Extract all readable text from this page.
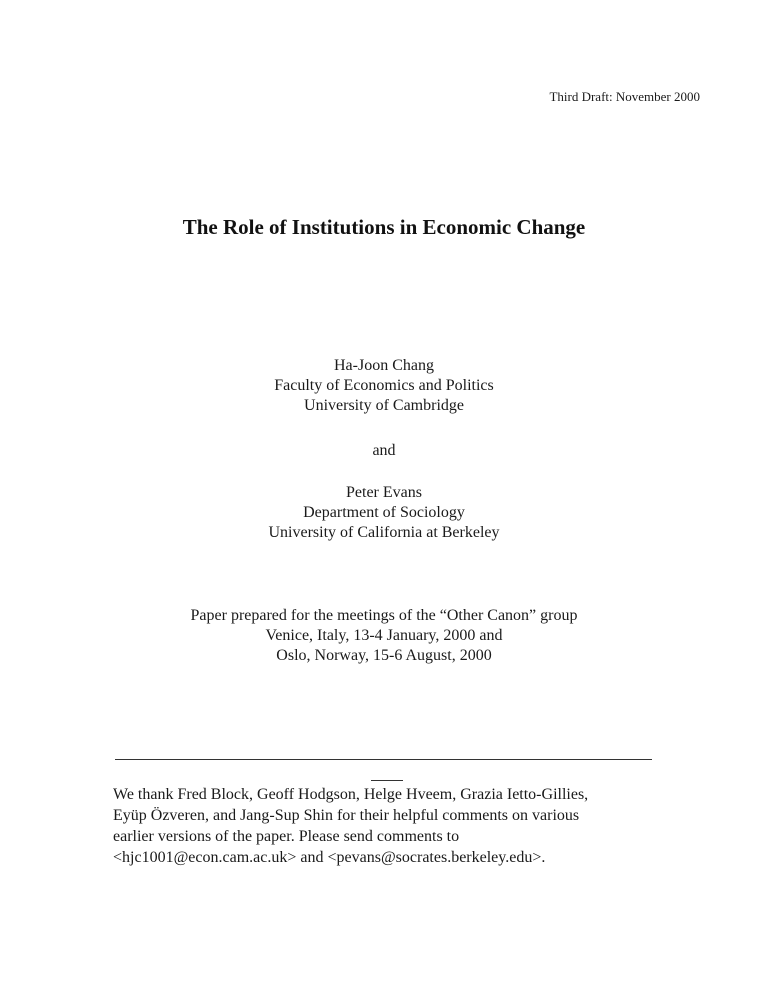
Third Draft: November 2000
The Role of Institutions in Economic Change
Ha-Joon Chang
Faculty of Economics and Politics
University of Cambridge
and
Peter Evans
Department of Sociology
University of California at Berkeley
Paper prepared for the meetings of the “Other Canon” group
Venice, Italy, 13-4 January, 2000 and
Oslo, Norway, 15-6 August, 2000
We thank Fred Block, Geoff Hodgson, Helge Hveem, Grazia Ietto-Gillies,
Eyüp Özveren, and Jang-Sup Shin for their helpful comments on various
earlier versions of the paper. Please send comments to
<hjc1001@econ.cam.ac.uk> and <pevans@socrates.berkeley.edu>.
